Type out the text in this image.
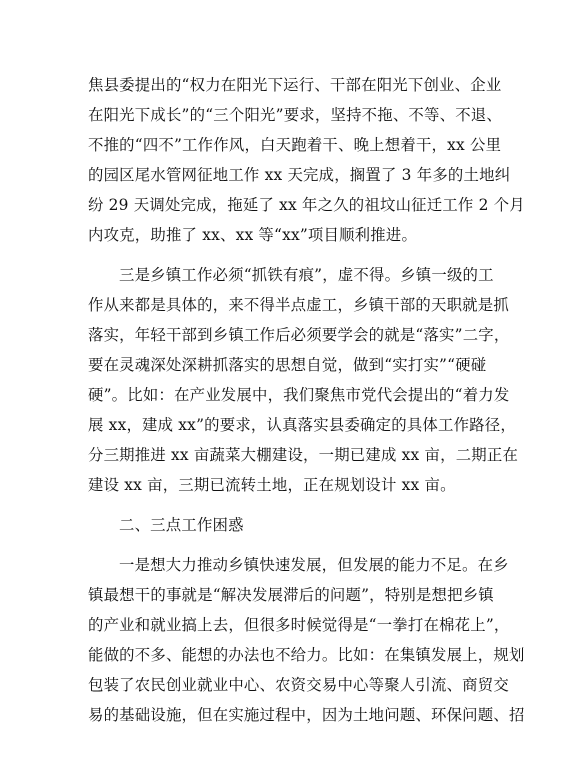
焦县委提出的“权力在阳光下运行、干部在阳光下创业、企业
在阳光下成长”的“三个阳光”要求，坚持不拖、不等、不退、
不推的“四不”工作作风，白天跑着干、晚上想着干，xx 公里
的园区尾水管网征地工作 xx 天完成，搁置了 3 年多的土地纠
纷 29 天调处完成，拖延了 xx 年之久的祖坟山征迁工作 2 个月
内攻克，助推了 xx、xx 等“xx”项目顺利推进。
三是乡镇工作必须“抓铁有痕”，虚不得。乡镇一级的工
作从来都是具体的，来不得半点虚工，乡镇干部的天职就是抓
落实，年轻干部到乡镇工作后必须要学会的就是“落实”二字，
要在灵魂深处深耕抓落实的思想自觉，做到“实打实”“硬碰
硬”。比如：在产业发展中，我们聚焦市党代会提出的“着力发
展 xx，建成 xx”的要求，认真落实县委确定的具体工作路径，
分三期推进 xx 亩蔬菜大棚建设，一期已建成 xx 亩，二期正在
建设 xx 亩，三期已流转土地，正在规划设计 xx 亩。
二、三点工作困惑
一是想大力推动乡镇快速发展，但发展的能力不足。在乡
镇最想干的事就是“解决发展滞后的问题”，特别是想把乡镇
的产业和就业搞上去，但很多时候觉得是“一拳打在棉花上”，
能做的不多、能想的办法也不给力。比如：在集镇发展上，规划
包装了农民创业就业中心、农资交易中心等聚人引流、商贸交
易的基础设施，但在实施过程中，因为土地问题、环保问题、招
